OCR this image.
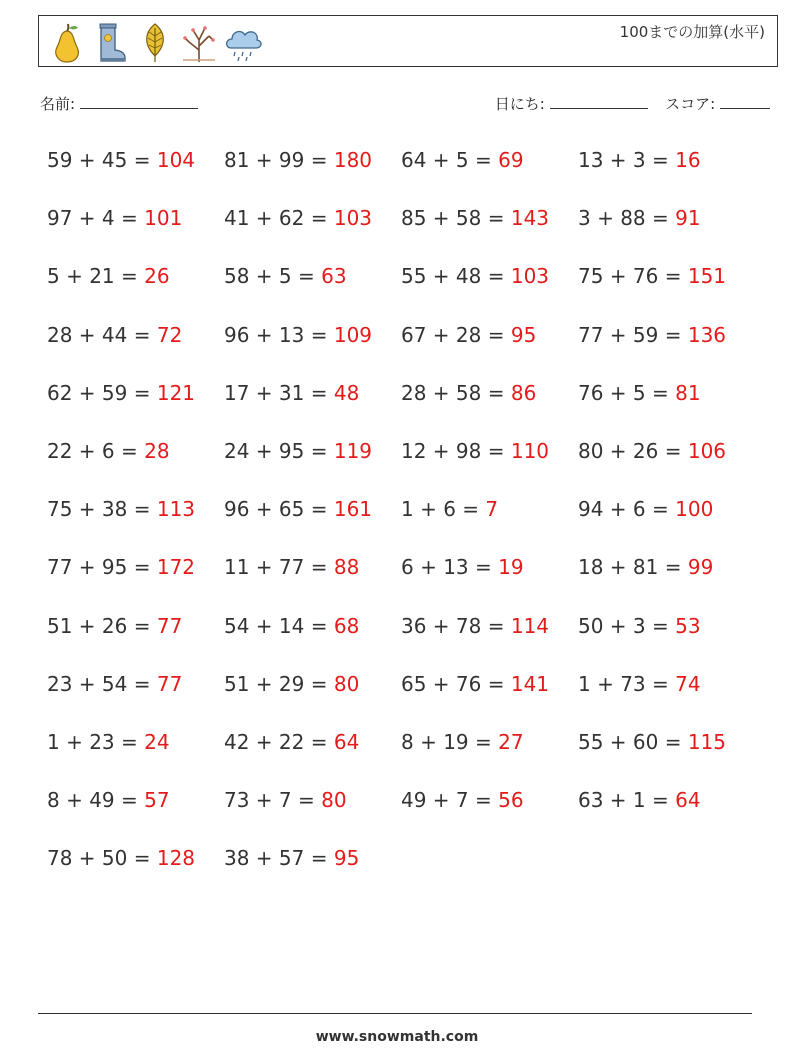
100までの加算(水平)
名前:	日にち:	スコア:
59 + 45 = 104	81 + 99 = 180	64 + 5 = 69	13 + 3 = 16
97 + 4 = 101	41 + 62 = 103	85 + 58 = 143	3 + 88 = 91
5 + 21 = 26	58 + 5 = 63	55 + 48 = 103	75 + 76 = 151
28 + 44 = 72	96 + 13 = 109	67 + 28 = 95	77 + 59 = 136
62 + 59 = 121	17 + 31 = 48	28 + 58 = 86	76 + 5 = 81
22 + 6 = 28	24 + 95 = 119	12 + 98 = 110	80 + 26 = 106
75 + 38 = 113	96 + 65 = 161	1 + 6 = 7	94 + 6 = 100
77 + 95 = 172	11 + 77 = 88	6 + 13 = 19	18 + 81 = 99
51 + 26 = 77	54 + 14 = 68	36 + 78 = 114	50 + 3 = 53
23 + 54 = 77	51 + 29 = 80	65 + 76 = 141	1 + 73 = 74
1 + 23 = 24	42 + 22 = 64	8 + 19 = 27	55 + 60 = 115
8 + 49 = 57	73 + 7 = 80	49 + 7 = 56	63 + 1 = 64
78 + 50 = 128	38 + 57 = 95
www.snowmath.com
